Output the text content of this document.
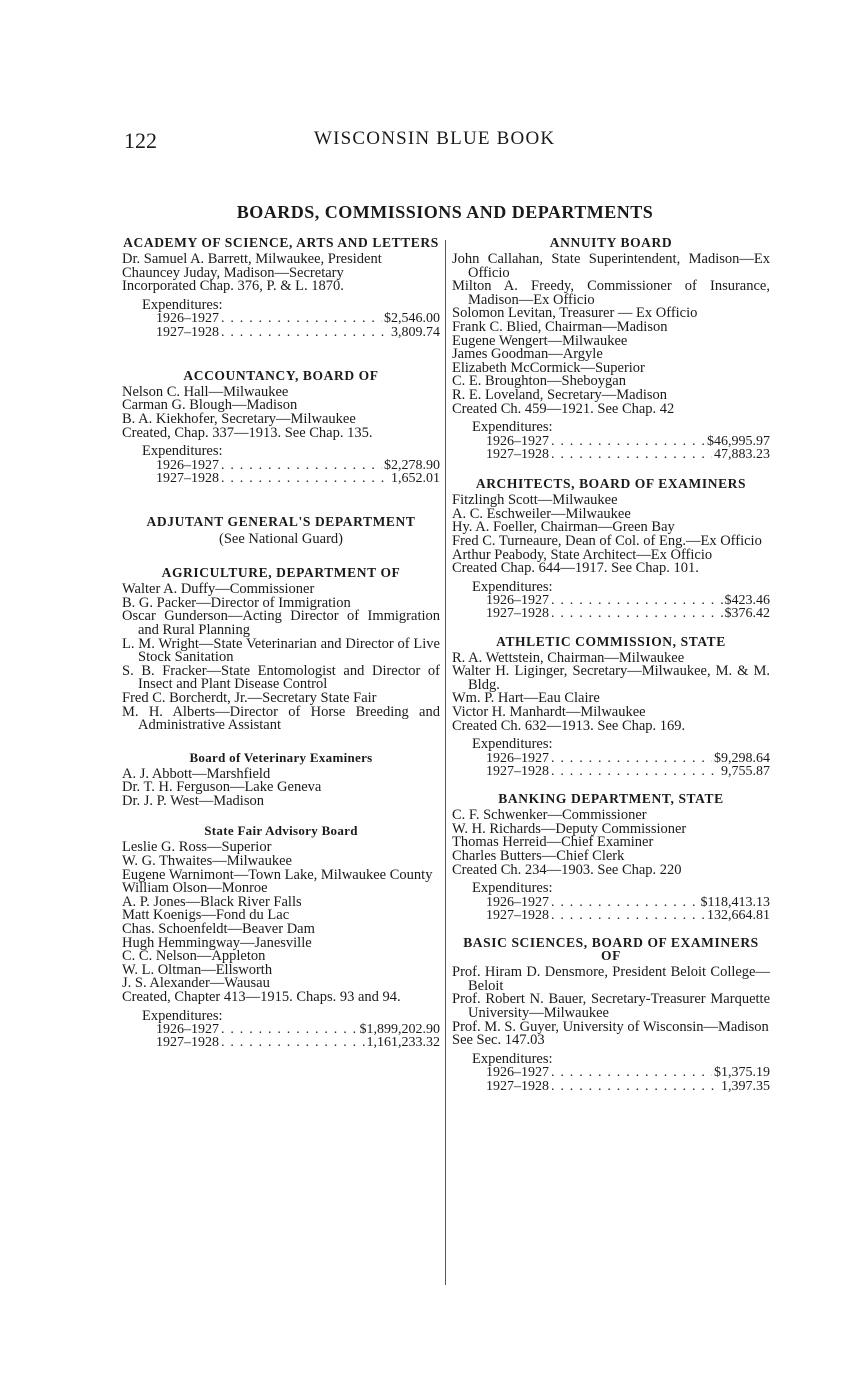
122	WISCONSIN BLUE BOOK
BOARDS, COMMISSIONS AND DEPARTMENTS
ACADEMY OF SCIENCE, ARTS AND LETTERS
Dr. Samuel A. Barrett, Milwaukee, President
Chauncey Juday, Madison—Secretary
Incorporated Chap. 376, P. & L. 1870.
Expenditures:
1926–1927 . . .	$2,546.00
1927–1928 . . .	3,809.74
ACCOUNTANCY, BOARD OF
Nelson C. Hall—Milwaukee
Carman G. Blough—Madison
B. A. Kiekhofer, Secretary—Milwaukee
Created, Chap. 337—1913. See Chap. 135.
Expenditures:
1926–1927 . . .	$2,278.90
1927–1928 . . .	1,652.01
ADJUTANT GENERAL'S DEPARTMENT
(See National Guard)
AGRICULTURE, DEPARTMENT OF
Walter A. Duffy—Commissioner
B. G. Packer—Director of Immigration
Oscar Gunderson—Acting Director of Immigration and Rural Planning
L. M. Wright—State Veterinarian and Director of Live Stock Sanitation
S. B. Fracker—State Entomologist and Director of Insect and Plant Disease Control
Fred C. Borcherdt, Jr.—Secretary State Fair
M. H. Alberts—Director of Horse Breeding and Administrative Assistant
Board of Veterinary Examiners
A. J. Abbott—Marshfield
Dr. T. H. Ferguson—Lake Geneva
Dr. J. P. West—Madison
State Fair Advisory Board
Leslie G. Ross—Superior
W. G. Thwaites—Milwaukee
Eugene Warnimont—Town Lake, Milwaukee County
William Olson—Monroe
A. P. Jones—Black River Falls
Matt Koenigs—Fond du Lac
Chas. Schoenfeldt—Beaver Dam
Hugh Hemmingway—Janesville
C. C. Nelson—Appleton
W. L. Oltman—Ellsworth
J. S. Alexander—Wausau
Created, Chapter 413—1915. Chaps. 93 and 94.
Expenditures:
1926–1927 . . .	$1,899,202.90
1927–1928 . . .	1,161,233.32
ANNUITY BOARD
John Callahan, State Superintendent, Madison—Ex Officio
Milton A. Freedy, Commissioner of Insurance, Madison—Ex Officio
Solomon Levitan, Treasurer — Ex Officio
Frank C. Blied, Chairman—Madison
Eugene Wengert—Milwaukee
James Goodman—Argyle
Elizabeth McCormick—Superior
C. E. Broughton—Sheboygan
R. E. Loveland, Secretary—Madison
Created Ch. 459—1921. See Chap. 42
Expenditures:
1926–1927 . . .	$46,995.97
1927–1928 . . .	47,883.23
ARCHITECTS, BOARD OF EXAMINERS
Fitzlingh Scott—Milwaukee
A. C. Eschweiler—Milwaukee
Hy. A. Foeller, Chairman—Green Bay
Fred C. Turneaure, Dean of Col. of Eng.—Ex Officio
Arthur Peabody, State Architect—Ex Officio
Created Chap. 644—1917. See Chap. 101.
Expenditures:
1926–1927 . . .	$423.46
1927–1928 . . .	$376.42
ATHLETIC COMMISSION, STATE
R. A. Wettstein, Chairman—Milwaukee
Walter H. Liginger, Secretary—Milwaukee, M. & M. Bldg.
Wm. P. Hart—Eau Claire
Victor H. Manhardt—Milwaukee
Created Ch. 632—1913. See Chap. 169.
Expenditures:
1926–1927 . . .	$9,298.64
1927–1928 . . .	9,755.87
BANKING DEPARTMENT, STATE
C. F. Schwenker—Commissioner
W. H. Richards—Deputy Commissioner
Thomas Herreid—Chief Examiner
Charles Butters—Chief Clerk
Created Ch. 234—1903. See Chap. 220
Expenditures:
1926–1927 . . .	$118,413.13
1927–1928 . . .	132,664.81
BASIC SCIENCES, BOARD OF EXAMINERS OF
Prof. Hiram D. Densmore, President Beloit College—Beloit
Prof. Robert N. Bauer, Secretary-Treasurer Marquette University—Milwaukee
Prof. M. S. Guyer, University of Wisconsin—Madison
See Sec. 147.03
Expenditures:
1926–1927 . . .	$1,375.19
1927–1928 . . .	1,397.35
